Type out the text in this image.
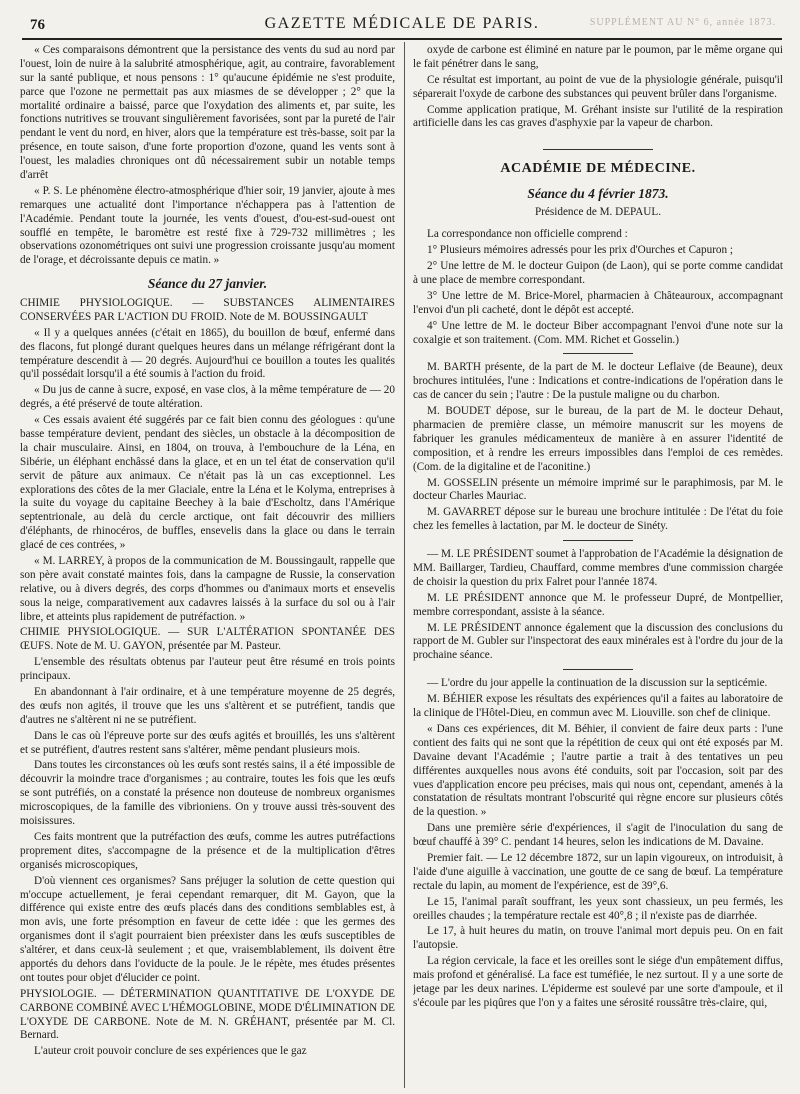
76	GAZETTE MÉDICALE DE PARIS.	SUPPLÉMENT AU N° 6, année 1873.

« Ces comparaisons démontrent que la persistance des vents du sud au nord par l'ouest, loin de nuire à la salubrité atmosphérique, agit, au contraire, favorablement sur la santé publique, et nous pensons : 1° qu'aucune épidémie ne s'est produite, parce que l'ozone ne permettait pas aux miasmes de se développer ; 2° que la mortalité ordinaire a baissé, parce que l'oxydation des aliments et, par suite, les fonctions nutritives se trouvant singulièrement favorisées, sont par la pureté de l'air pendant le vent du nord, en hiver, alors que la température est très-basse, soit par la présence, en toute saison, d'une forte proportion d'ozone, quand les vents sont à l'ouest, les maladies chroniques ont dû nécessairement subir un notable temps d'arrêt

« P. S. Le phénomène électro-atmosphérique d'hier soir, 19 janvier, ajoute à mes remarques une actualité dont l'importance n'échappera pas à l'attention de l'Académie. Pendant toute la journée, les vents d'ouest, d'ou-est-sud-ouest ont soufflé en tempête, le baromètre est resté fixe à 729-732 millimètres ; les observations ozonométriques ont suivi une progression croissante jusqu'au moment de l'orage, et décroissante depuis ce matin. »

Séance du 27 janvier.

CHIMIE PHYSIOLOGIQUE. — SUBSTANCES ALIMENTAIRES CONSERVÉES PAR L'ACTION DU FROID. Note de M. BOUSSINGAULT

« Il y a quelques années (c'était en 1865), du bouillon de bœuf, enfermé dans des flacons, fut plongé durant quelques heures dans un mélange réfrigérant dont la température descendit à — 20 degrés. Aujourd'hui ce bouillon a toutes les qualités qu'il possédait lorsqu'il a été soumis à l'action du froid.

« Du jus de canne à sucre, exposé, en vase clos, à la même température de — 20 degrés, a été préservé de toute altération.

« Ces essais avaient été suggérés par ce fait bien connu des géologues : qu'une basse température devient, pendant des siècles, un obstacle à la décomposition de la chair musculaire. Ainsi, en 1804, on trouva, à l'embouchure de la Léna, en Sibérie, un éléphant enchâssé dans la glace, et en un tel état de conservation qu'il servit de pâture aux animaux. Ce n'était pas là un cas exceptionnel. Les explorations des côtes de la mer Glaciale, entre la Léna et le Kolyma, entreprises à la suite du voyage du capitaine Beechey à la baie d'Escholtz, dans l'Amérique septentrionale, au delà du cercle arctique, ont fait découvrir des milliers d'éléphants, de rhinocéros, de buffles, ensevelis dans la glace ou dans le terrain glacé de ces contrées, »

« M. LARREY, à propos de la communication de M. Boussingault, rappelle que son père avait constaté maintes fois, dans la campagne de Russie, la conservation relative, ou à divers degrés, des corps d'hommes ou d'animaux morts et ensevelis sous la neige, comparativement aux cadavres laissés à la surface du sol ou à l'air libre, et atteints plus rapidement de putréfaction. »

CHIMIE PHYSIOLOGIQUE. — SUR L'ALTÉRATION SPONTANÉE DES ŒUFS. Note de M. U. GAYON, présentée par M. Pasteur.

L'ensemble des résultats obtenus par l'auteur peut être résumé en trois points principaux.

En abandonnant à l'air ordinaire, et à une température moyenne de 25 degrés, des œufs non agités, il trouve que les uns s'altèrent et se putréfient, tandis que d'autres ne s'altèrent ni ne se putréfient.

Dans le cas où l'épreuve porte sur des œufs agités et brouillés, les uns s'altèrent et se putréfient, d'autres restent sans s'altérer, même pendant plusieurs mois.

Dans toutes les circonstances où les œufs sont restés sains, il a été impossible de découvrir la moindre trace d'organismes ; au contraire, toutes les fois que les œufs se sont putréfiés, on a constaté la présence non douteuse de nombreux organismes microscopiques, de la famille des vibrioniens. On y trouve aussi très-souvent des moisissures.

Ces faits montrent que la putréfaction des œufs, comme les autres putréfactions proprement dites, s'accompagne de la présence et de la multiplication d'êtres organisés microscopiques,

D'où viennent ces organismes? Sans préjuger la solution de cette question qui m'occupe actuellement, je ferai cependant remarquer, dit M. Gayon, que la différence qui existe entre des œufs placés dans des conditions semblables est, à mon avis, une forte présomption en faveur de cette idée : que les germes des organismes dont il s'agit pourraient bien préexister dans les œufs susceptibles de s'altérer, et dans ceux-là seulement ; et que, vraisemblablement, ils doivent être apportés du dehors dans l'oviducte de la poule. Je le répète, mes études présentes ont toutes pour objet d'élucider ce point.

PHYSIOLOGIE. — DÉTERMINATION QUANTITATIVE DE L'OXYDE DE CARBONE COMBINÉ AVEC L'HÉMOGLOBINE, MODE D'ÉLIMINATION DE L'OXYDE DE CARBONE. Note de M. N. GRÉHANT, présentée par M. Cl. Bernard.

L'auteur croit pouvoir conclure de ses expériences que le gaz

oxyde de carbone est éliminé en nature par le poumon, par le même organe qui le fait pénétrer dans le sang,

Ce résultat est important, au point de vue de la physiologie générale, puisqu'il séparerait l'oxyde de carbone des substances qui peuvent brûler dans l'organisme.

Comme application pratique, M. Gréhant insiste sur l'utilité de la respiration artificielle dans les cas graves d'asphyxie par la vapeur de charbon.

ACADÉMIE DE MÉDECINE.
Séance du 4 février 1873.

Présidence de M. DEPAUL.

La correspondance non officielle comprend :

1° Plusieurs mémoires adressés pour les prix d'Ourches et Capuron ;

2° Une lettre de M. le docteur Guipon (de Laon), qui se porte comme candidat à une place de membre correspondant.

3° Une lettre de M. Brice-Morel, pharmacien à Châteauroux, accompagnant l'envoi d'un pli cacheté, dont le dépôt est accepté.

4° Une lettre de M. le docteur Biber accompagnant l'envoi d'une note sur la coxalgie et son traitement. (Com. MM. Richet et Gosselin.)

M. BARTH présente, de la part de M. le docteur Leflaive (de Beaune), deux brochures intitulées, l'une : Indications et contre-indications de l'opération dans le cas de cancer du sein ; l'autre : De la pustule maligne ou du charbon.

M. BOUDET dépose, sur le bureau, de la part de M. le docteur Dehaut, pharmacien de première classe, un mémoire manuscrit sur les moyens de fabriquer les granules médicamenteux de manière à en assurer l'identité de composition, et à rendre les erreurs impossibles dans l'emploi de ces remèdes. (Com. de la digitaline et de l'aconitine.)

M. GOSSELIN présente un mémoire imprimé sur le paraphimosis, par M. le docteur Charles Mauriac.

M. GAVARRET dépose sur le bureau une brochure intitulée : De l'état du foie chez les femelles à lactation, par M. le docteur de Sinéty.

— M. LE PRÉSIDENT soumet à l'approbation de l'Académie la désignation de MM. Baillarger, Tardieu, Chauffard, comme membres d'une commission chargée de choisir la question du prix Falret pour l'année 1874.

M. LE PRÉSIDENT annonce que M. le professeur Dupré, de Montpellier, membre correspondant, assiste à la séance.

M. LE PRÉSIDENT annonce également que la discussion des conclusions du rapport de M. Gubler sur l'inspectorat des eaux minérales est à l'ordre du jour de la prochaine séance.

— L'ordre du jour appelle la continuation de la discussion sur la septicémie.

M. BÉHIER expose les résultats des expériences qu'il a faites au laboratoire de la clinique de l'Hôtel-Dieu, en commun avec M. Liouville. son chef de clinique.

« Dans ces expériences, dit M. Béhier, il convient de faire deux parts : l'une contient des faits qui ne sont que la répétition de ceux qui ont été exposés par M. Davaine devant l'Académie ; l'autre partie a trait à des tentatives un peu différentes auxquelles nous avons été conduits, soit par l'occasion, soit par des vues d'application encore peu précises, mais qui nous ont, cependant, amenés à la constatation de résultats montrant l'obscurité qui règne encore sur plusieurs côtés de la question. »

Dans une première série d'expériences, il s'agit de l'inoculation du sang de bœuf chauffé à 39° C. pendant 14 heures, selon les indications de M. Davaine.

Premier fait. — Le 12 décembre 1872, sur un lapin vigoureux, on introduisit, à l'aide d'une aiguille à vaccination, une goutte de ce sang de bœuf. La température rectale du lapin, au moment de l'expérience, est de 39°,6.

Le 15, l'animal paraît souffrant, les yeux sont chassieux, un peu fermés, les oreilles chaudes ; la température rectale est 40°,8 ; il n'existe pas de diarrhée.

Le 17, à huit heures du matin, on trouve l'animal mort depuis peu. On en fait l'autopsie.

La région cervicale, la face et les oreilles sont le siége d'un empâtement diffus, mais profond et généralisé. La face est tuméfiée, le nez surtout. Il y a une sorte de jetage par les deux narines. L'épiderme est soulevé par une sorte d'ampoule, et il s'écoule par les piqûres que l'on y a faites une sérosité roussâtre très-claire, qui,
